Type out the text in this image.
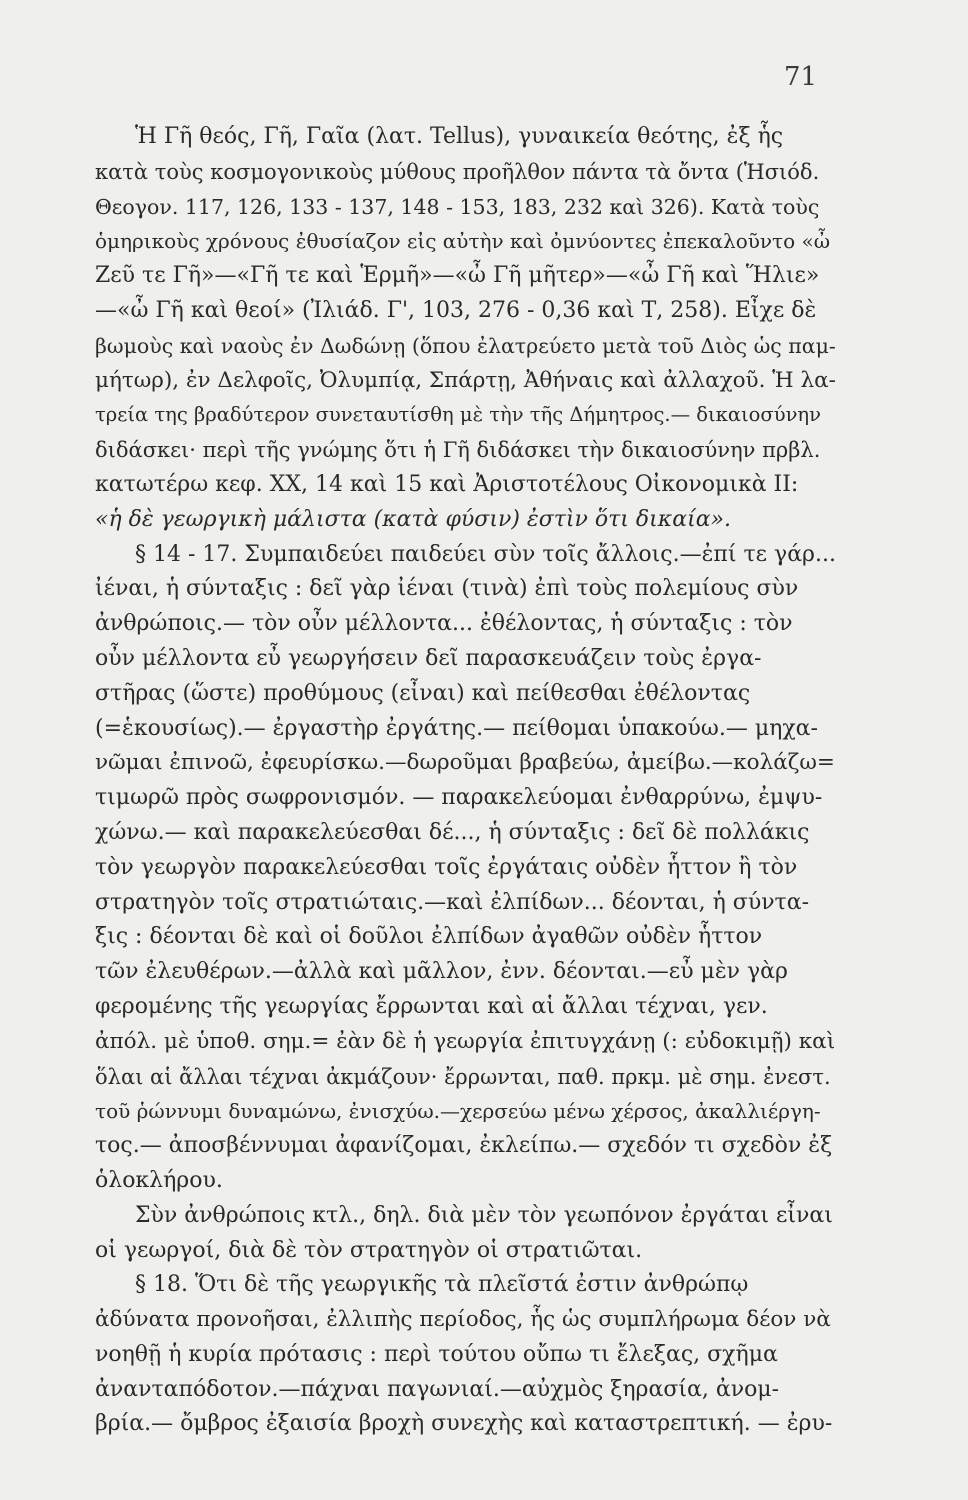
71
Ἡ Γῆ θεός, Γῆ, Γαῖα (λατ. Tellus), γυναικεία θεότης, ἐξ ἧς
κατὰ τοὺς κοσμογονικοὺς μύθους προῆλθον πάντα τὰ ὄντα (Ἡσιόδ.
Θεογον. 117, 126, 133 - 137, 148 - 153, 183, 232 καὶ 326). Κατὰ τοὺς
ὁμηρικοὺς χρόνους ἐθυσίαζον εἰς αὐτὴν καὶ ὀμνύοντες ἐπεκαλοῦντο «ὦ
Ζεῦ τε Γῆ»—«Γῆ τε καὶ Ἑρμῆ»—«ὦ Γῆ μῆτερ»—«ὦ Γῆ καὶ Ἥλιε»
—«ὦ Γῆ καὶ θεοί» (Ἰλιάδ. Γ', 103, 276 - 0,36 καὶ Τ, 258). Εἶχε δὲ
βωμοὺς καὶ ναοὺς ἐν Δωδώνῃ (ὅπου ἐλατρεύετο μετὰ τοῦ Διὸς ὡς παμ-
μήτωρ), ἐν Δελφοῖς, Ὀλυμπίᾳ, Σπάρτῃ, Ἀθήναις καὶ ἀλλαχοῦ. Ἡ λα-
τρεία της βραδύτερον συνεταυτίσθη μὲ τὴν τῆς Δήμητρος.— δικαιοσύνην
διδάσκει· περὶ τῆς γνώμης ὅτι ἡ Γῆ διδάσκει τὴν δικαιοσύνην πρβλ.
κατωτέρω κεφ. XX, 14 καὶ 15 καὶ Ἀριστοτέλους Οἰκονομικὰ II:
«ἡ δὲ γεωργικὴ μάλιστα (κατὰ φύσιν) ἐστὶν ὅτι δικαία».
§ 14 - 17. Συμπαιδεύει παιδεύει σὺν τοῖς ἄλλοις.—ἐπί τε γάρ...
ἰέναι, ἡ σύνταξις : δεῖ γὰρ ἰέναι (τινὰ) ἐπὶ τοὺς πολεμίους σὺν
ἀνθρώποις.— τὸν οὖν μέλλοντα... ἐθέλοντας, ἡ σύνταξις : τὸν
οὖν μέλλοντα εὖ γεωργήσειν δεῖ παρασκευάζειν τοὺς ἐργα-
στῆρας (ὥστε) προθύμους (εἶναι) καὶ πείθεσθαι ἐθέλοντας
(=ἑκουσίως).— ἐργαστὴρ ἐργάτης.— πείθομαι ὑπακούω.— μηχα-
νῶμαι ἐπινοῶ, ἐφευρίσκω.—δωροῦμαι βραβεύω, ἀμείβω.—κολάζω=
τιμωρῶ πρὸς σωφρονισμόν. — παρακελεύομαι ἐνθαρρύνω, ἐμψυ-
χώνω.— καὶ παρακελεύεσθαι δέ..., ἡ σύνταξις : δεῖ δὲ πολλάκις
τὸν γεωργὸν παρακελεύεσθαι τοῖς ἐργάταις οὐδὲν ἧττον ἢ τὸν
στρατηγὸν τοῖς στρατιώταις.—καὶ ἐλπίδων... δέονται, ἡ σύντα-
ξις : δέονται δὲ καὶ οἱ δοῦλοι ἐλπίδων ἀγαθῶν οὐδὲν ἧττον
τῶν ἐλευθέρων.—ἀλλὰ καὶ μᾶλλον, ἐνν. δέονται.—εὖ μὲν γὰρ
φερομένης τῆς γεωργίας ἔρρωνται καὶ αἱ ἄλλαι τέχναι, γεν.
ἀπόλ. μὲ ὑποθ. σημ.= ἐὰν δὲ ἡ γεωργία ἐπιτυγχάνῃ (: εὐδοκιμῇ) καὶ
ὅλαι αἱ ἄλλαι τέχναι ἀκμάζουν· ἔρρωνται, παθ. πρκμ. μὲ σημ. ἐνεστ.
τοῦ ῥώννυμι δυναμώνω, ἐνισχύω.—χερσεύω μένω χέρσος, ἀκαλλιέργη-
τος.— ἀποσβέννυμαι ἀφανίζομαι, ἐκλείπω.— σχεδόν τι σχεδὸν ἐξ
ὁλοκλήρου.
Σὺν ἀνθρώποις κτλ., δηλ. διὰ μὲν τὸν γεωπόνον ἐργάται εἶναι
οἱ γεωργοί, διὰ δὲ τὸν στρατηγὸν οἱ στρατιῶται.
§ 18. Ὅτι δὲ τῆς γεωργικῆς τὰ πλεῖστά ἐστιν ἀνθρώπῳ
ἀδύνατα προνοῆσαι, ἐλλιπὴς περίοδος, ἧς ὡς συμπλήρωμα δέον νὰ
νοηθῇ ἡ κυρία πρότασις : περὶ τούτου οὔπω τι ἔλεξας, σχῆμα
ἀνανταπόδοτον.—πάχναι παγωνιαί.—αὐχμὸς ξηρασία, ἀνομ-
βρία.— ὄμβρος ἐξαισία βροχὴ συνεχὴς καὶ καταστρεπτική. — ἐρυ-
